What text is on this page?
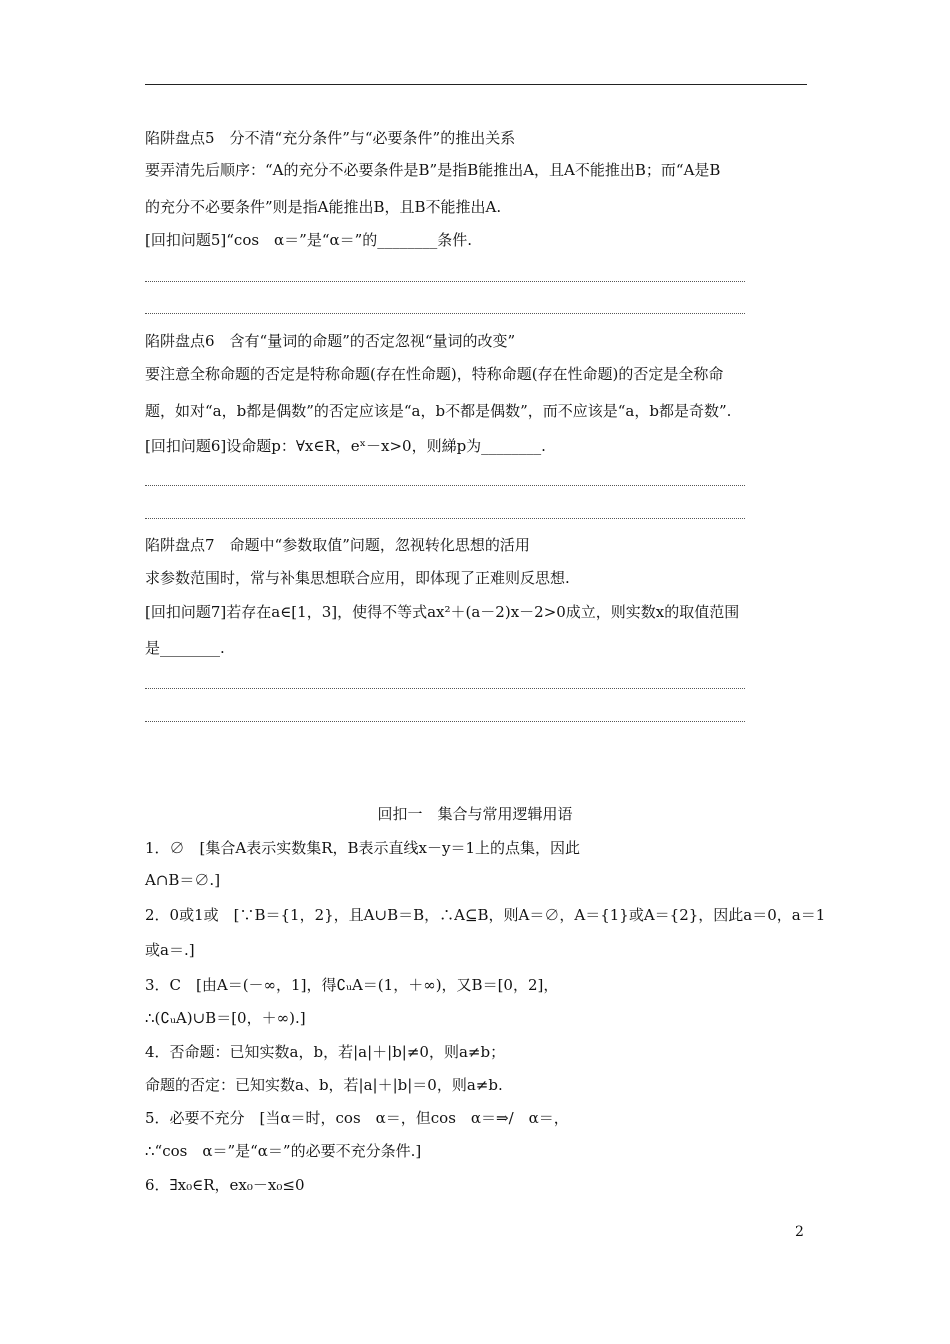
陷阱盘点5　分不清“充分条件”与“必要条件”的推出关系
要弄清先后顺序：“A的充分不必要条件是B”是指B能推出A，且A不能推出B；而“A是B
的充分不必要条件”则是指A能推出B，且B不能推出A.
[回扣问题5]“cos　α＝”是“α＝”的________条件.
陷阱盘点6　含有“量词的命题”的否定忽视“量词的改变”
要注意全称命题的否定是特称命题(存在性命题)，特称命题(存在性命题)的否定是全称命
题，如对“a，b都是偶数”的否定应该是“a，b不都是偶数”，而不应该是“a，b都是奇数”.
[回扣问题6]设命题p：∀x∈R，eˣ－x>0，则綈p为________.
陷阱盘点7　命题中“参数取值”问题，忽视转化思想的活用
求参数范围时，常与补集思想联合应用，即体现了正难则反思想.
[回扣问题7]若存在a∈[1，3]，使得不等式ax²＋(a－2)x－2>0成立，则实数x的取值范围
是________.
回扣一　集合与常用逻辑用语
1．∅　[集合A表示实数集R，B表示直线x－y＝1上的点集，因此
A∩B＝∅.]
2．0或1或　[∵B＝{1，2}，且A∪B＝B，∴A⊆B，则A＝∅，A＝{1}或A＝{2}，因此a＝0，a＝1
或a＝.]
3．C　[由A＝(－∞，1]，得∁ᵤA＝(1，＋∞)，又B＝[0，2]，
∴(∁ᵤA)∪B＝[0，＋∞).]
4．否命题：已知实数a，b，若|a|＋|b|≠0，则a≠b；
命题的否定：已知实数a、b，若|a|＋|b|＝0，则a≠b.
5．必要不充分　[当α＝时，cos　α＝，但cos　α＝⇒/　α＝，
∴“cos　α＝”是“α＝”的必要不充分条件.]
6．∃x₀∈R，ex₀－x₀≤0
2
